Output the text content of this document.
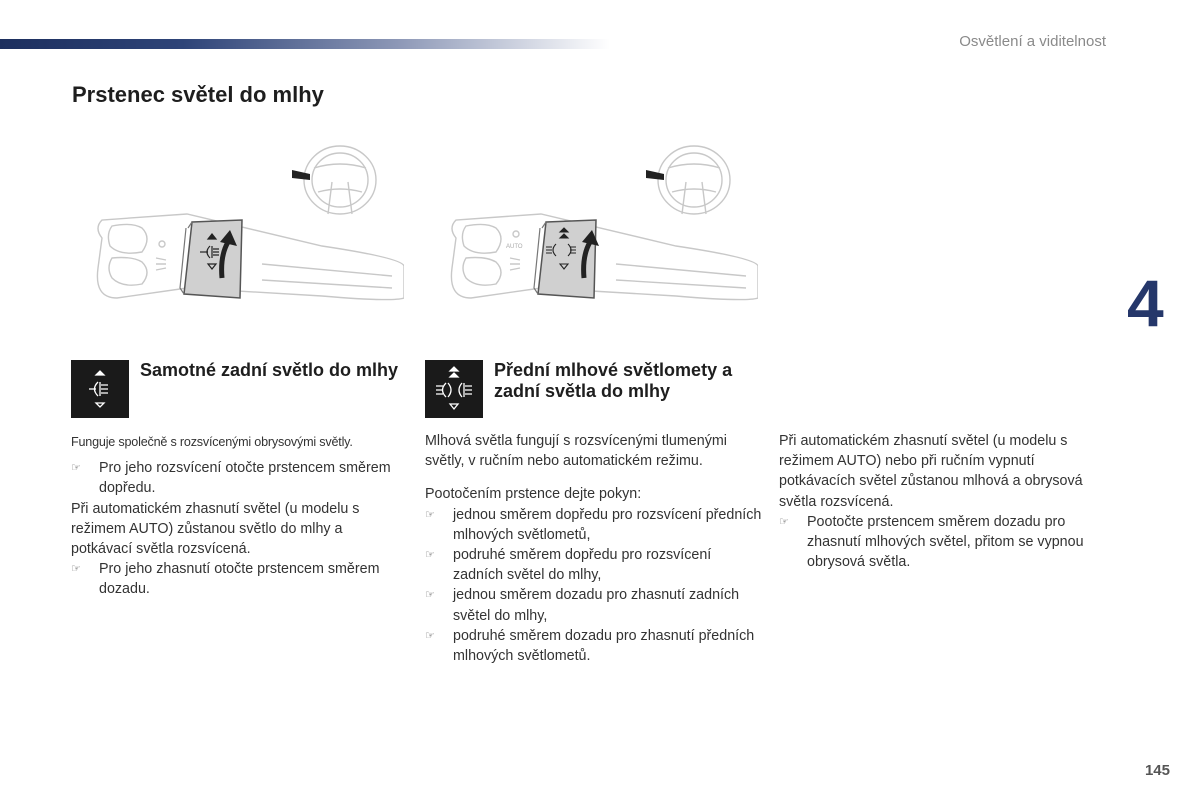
Osvětlení a viditelnost
Prstenec světel do mlhy
4
AUTO
Samotné zadní světlo do mlhy	Přední mlhové světlomety a zadní světla do mlhy

Funguje společně s rozsvícenými obrysovými světly.

☞ Pro jeho rozsvícení otočte prstencem směrem dopředu.

Při automatickém zhasnutí světel (u modelu s režimem AUTO) zůstanou světlo do mlhy a potkávací světla rozsvícená.

☞ Pro jeho zhasnutí otočte prstencem směrem dozadu.

Mlhová světla fungují s rozsvícenými tlumenými světly, v ručním nebo automatickém režimu.

Pootočením prstence dejte pokyn:

☞ jednou směrem dopředu pro rozsvícení předních mlhových světlometů,
☞ podruhé směrem dopředu pro rozsvícení zadních světel do mlhy,
☞ jednou směrem dozadu pro zhasnutí zadních světel do mlhy,
☞ podruhé směrem dozadu pro zhasnutí předních mlhových světlometů.

Při automatickém zhasnutí světel (u modelu s režimem AUTO) nebo při ručním vypnutí potkávacích světel zůstanou mlhová a obrysová světla rozsvícená.

☞ Pootočte prstencem směrem dozadu pro zhasnutí mlhových světel, přitom se vypnou obrysová světla.
145
